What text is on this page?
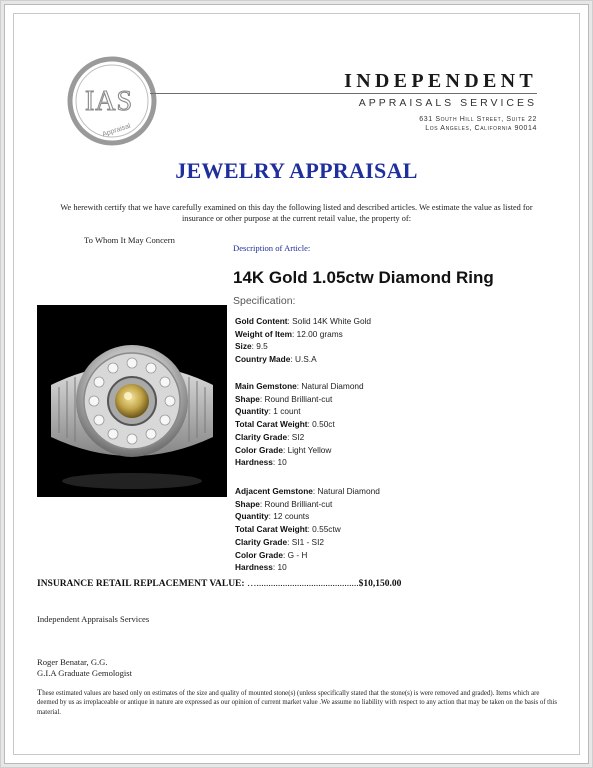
IAS
Appraisal
INDEPENDENT
APPRAISALS SERVICES
631 South Hill Street, Suite 22
Los Angeles, California 90014
JEWELRY APPRAISAL
We herewith certify that we have carefully examined on this day the following listed and described articles. We estimate the value as listed for insurance or other purpose at the current retail value, the property of:
To Whom It May Concern
Description of Article:
14K Gold 1.05ctw Diamond Ring
Specification:
Gold Content: Solid 14K White Gold
Weight of Item: 12.00 grams
Size: 9.5
Country Made: U.S.A
Main Gemstone: Natural Diamond
Shape: Round Brilliant-cut
Quantity: 1 count
Total Carat Weight: 0.50ct
Clarity Grade: SI2
Color Grade: Light Yellow
Hardness: 10
Adjacent Gemstone: Natural Diamond
Shape: Round Brilliant-cut
Quantity: 12 counts
Total Carat Weight: 0.55ctw
Clarity Grade: SI1 - SI2
Color Grade: G - H
Hardness: 10
INSURANCE RETAIL REPLACEMENT VALUE: …...........................................$10,150.00
Independent Appraisals Services
Roger Benatar, G.G.
G.I.A Graduate Gemologist
These estimated values are based only on estimates of the size and quality of mounted stone(s) (unless specifically stated that the stone(s) is were removed and graded). Items which are deemed by us as irreplaceable or antique in nature are expressed as our opinion of current market value .We assume no liability with respect to any action that may be taken on the basis of this material.
